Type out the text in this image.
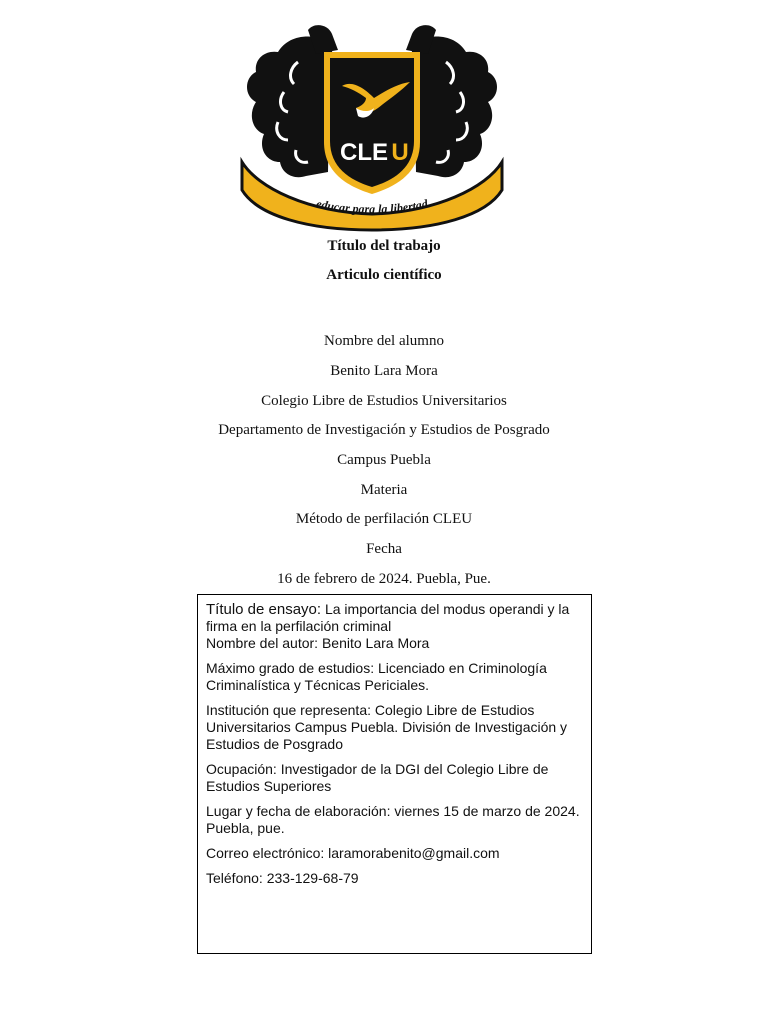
CLE U
educar para la libertad
Título del trabajo
Articulo científico
Nombre del alumno
Benito Lara Mora
Colegio Libre de Estudios Universitarios
Departamento de Investigación y Estudios de Posgrado
Campus Puebla
Materia
Método de perfilación CLEU
Fecha
16 de febrero de 2024. Puebla, Pue.

Título de ensayo: La importancia del modus operandi y la firma en la perfilación criminal

Nombre del autor: Benito Lara Mora

Máximo grado de estudios: Licenciado en Criminología Criminalística y Técnicas Periciales.

Institución que representa: Colegio Libre de Estudios Universitarios Campus Puebla. División de Investigación y Estudios de Posgrado

Ocupación: Investigador de la DGI del Colegio Libre de Estudios Superiores

Lugar y fecha de elaboración: viernes 15 de marzo de 2024. Puebla, pue.

Correo electrónico: laramorabenito@gmail.com

Teléfono: 233-129-68-79
